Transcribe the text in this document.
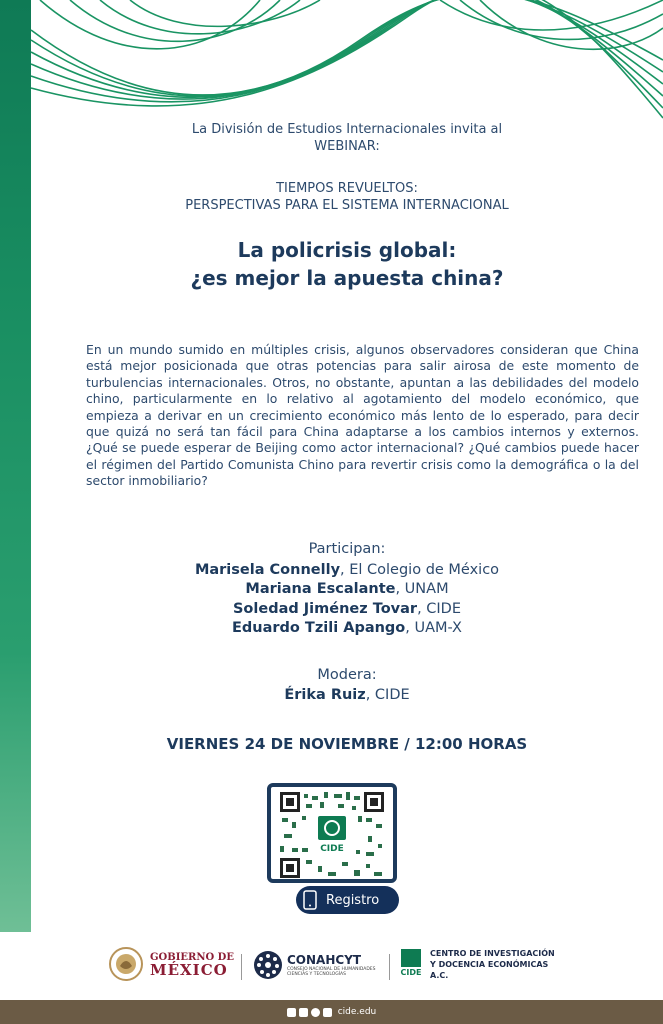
La División de Estudios Internacionales invita al
WEBINAR:
TIEMPOS REVUELTOS:
PERSPECTIVAS PARA EL SISTEMA INTERNACIONAL
La policrisis global:
¿es mejor la apuesta china?
En un mundo sumido en múltiples crisis, algunos observadores consideran que China está mejor posicionada que otras potencias para salir airosa de este momento de turbulencias internacionales. Otros, no obstante, apuntan a las debilidades del modelo chino, particularmente en lo relativo al agotamiento del modelo económico, que empieza a derivar en un crecimiento económico más lento de lo esperado, para decir que quizá no será tan fácil para China adaptarse a los cambios internos y externos. ¿Qué se puede esperar de Beijing como actor internacional? ¿Qué cambios puede hacer el régimen del Partido Comunista Chino para revertir crisis como la demográfica o la del sector inmobiliario?
Participan:
Marisela Connelly, El Colegio de México
Mariana Escalante, UNAM
Soledad Jiménez Tovar, CIDE
Eduardo Tzili Apango, UAM-X
Modera:
Érika Ruiz, CIDE
VIERNES 24 DE NOVIEMBRE / 12:00 HORAS
CIDE
Registro
GOBIERNO DE
MÉXICO
CONAHCYT
CONSEJO NACIONAL DE HUMANIDADES CIENCIAS Y TECNOLOGÍAS	CIDE
CENTRO DE INVESTIGACIÓN
Y DOCENCIA ECONÓMICAS A.C.
cide.edu
